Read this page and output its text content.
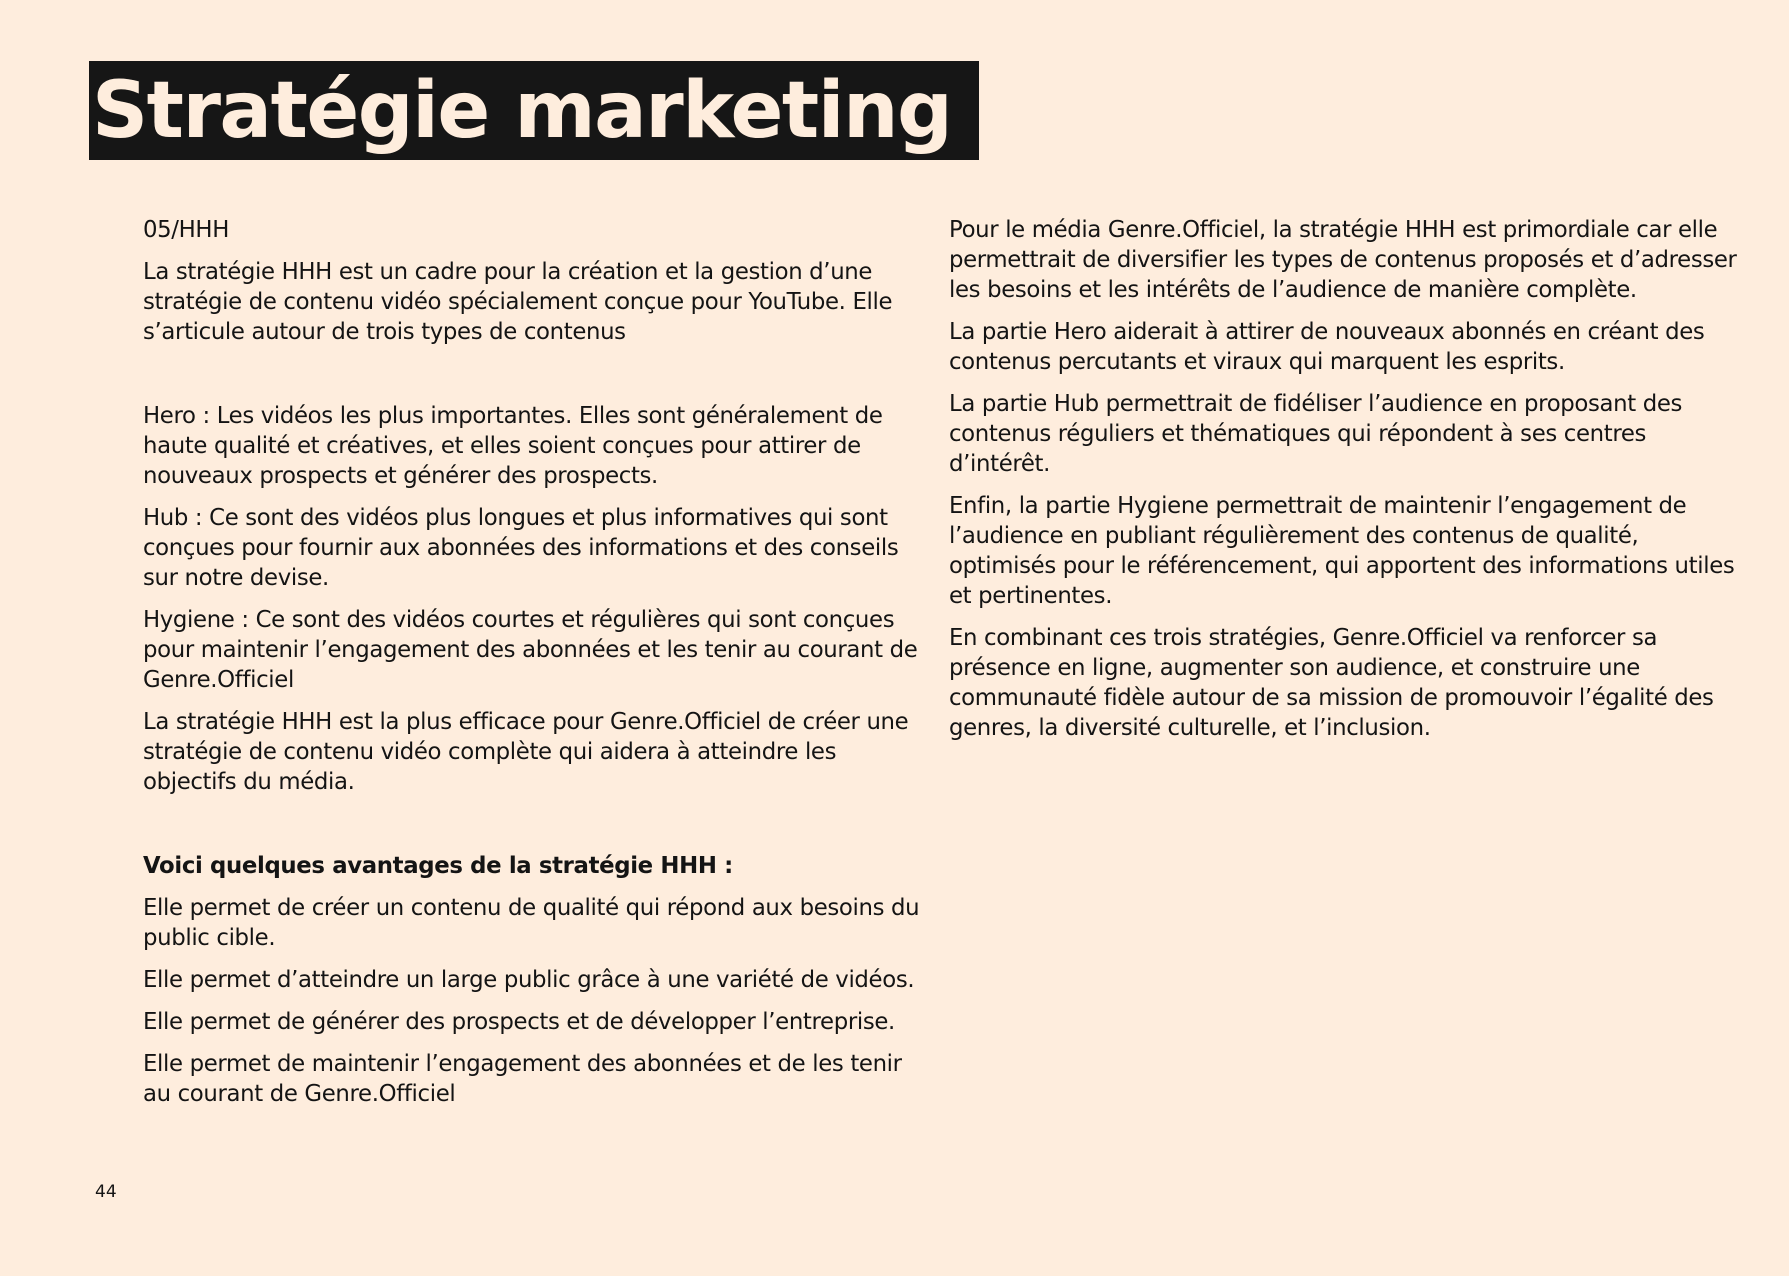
Stratégie marketing

05/HHH

La stratégie HHH est un cadre pour la création et la gestion d’une stratégie de contenu vidéo spécialement conçue pour YouTube. Elle s’articule autour de trois types de contenus

Hero : Les vidéos les plus importantes. Elles sont généralement de haute qualité et créatives, et elles soient conçues pour attirer de nouveaux prospects et générer des prospects.

Hub : Ce sont des vidéos plus longues et plus informatives qui sont conçues pour fournir aux abonnées des informations et des conseils sur notre devise.

Hygiene : Ce sont des vidéos courtes et régulières qui sont conçues pour maintenir l’engagement des abonnées et les tenir au courant de Genre.Officiel

La stratégie HHH est la plus efficace pour Genre.Officiel de créer une stratégie de contenu vidéo complète qui aidera à atteindre les objectifs du média.

Voici quelques avantages de la stratégie HHH :

Elle permet de créer un contenu de qualité qui répond aux besoins du public cible.

Elle permet d’atteindre un large public grâce à une variété de vidéos.

Elle permet de générer des prospects et de développer l’entreprise.

Elle permet de maintenir l’engagement des abonnées et de les tenir au courant de Genre.Officiel

Pour le média Genre.Officiel, la stratégie HHH est primordiale car elle permettrait de diversifier les types de contenus proposés et d’adresser les besoins et les intérêts de l’audience de manière complète.

La partie Hero aiderait à attirer de nouveaux abonnés en créant des contenus percutants et viraux qui marquent les esprits.

La partie Hub permettrait de fidéliser l’audience en proposant des contenus réguliers et thématiques qui répondent à ses centres d’intérêt.

Enfin, la partie Hygiene permettrait de maintenir l’engagement de l’audience en publiant régulièrement des contenus de qualité, optimisés pour le référencement, qui apportent des informations utiles et pertinentes.

En combinant ces trois stratégies, Genre.Officiel va renforcer sa présence en ligne, augmenter son audience, et construire une communauté fidèle autour de sa mission de promouvoir l’égalité des genres, la diversité culturelle, et l’inclusion.

44
